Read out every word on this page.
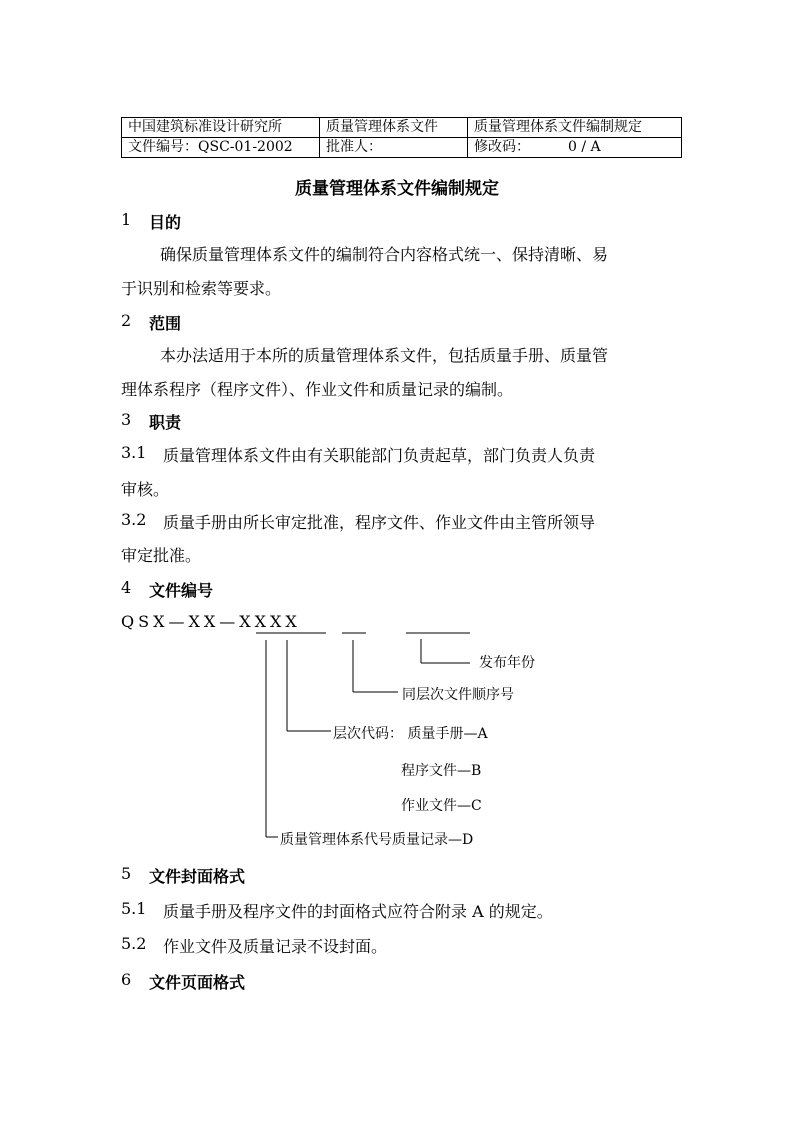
中国建筑标准设计研究所	质量管理体系文件	质量管理体系文件编制规定
文件编号：QSC-01-2002	批准人：	修改码： 0 / A
质量管理体系文件编制规定
1 目的
确保质量管理体系文件的编制符合内容格式统一、保持清晰、易
于识别和检索等要求。
2 范围
本办法适用于本所的质量管理体系文件，包括质量手册、质量管
理体系程序（程序文件）、作业文件和质量记录的编制。
3 职责
3.1 质量管理体系文件由有关职能部门负责起草，部门负责人负责
审核。
3.2 质量手册由所长审定批准，程序文件、作业文件由主管所领导
审定批准。
4 文件编号
QSX—XX—XXXX
发布年份
同层次文件顺序号
层次代码： 质量手册—A
程序文件—B
作业文件—C
质量管理体系代号质量记录—D
5 文件封面格式
5.1 质量手册及程序文件的封面格式应符合附录 A 的规定。
5.2 作业文件及质量记录不设封面。
6 文件页面格式
